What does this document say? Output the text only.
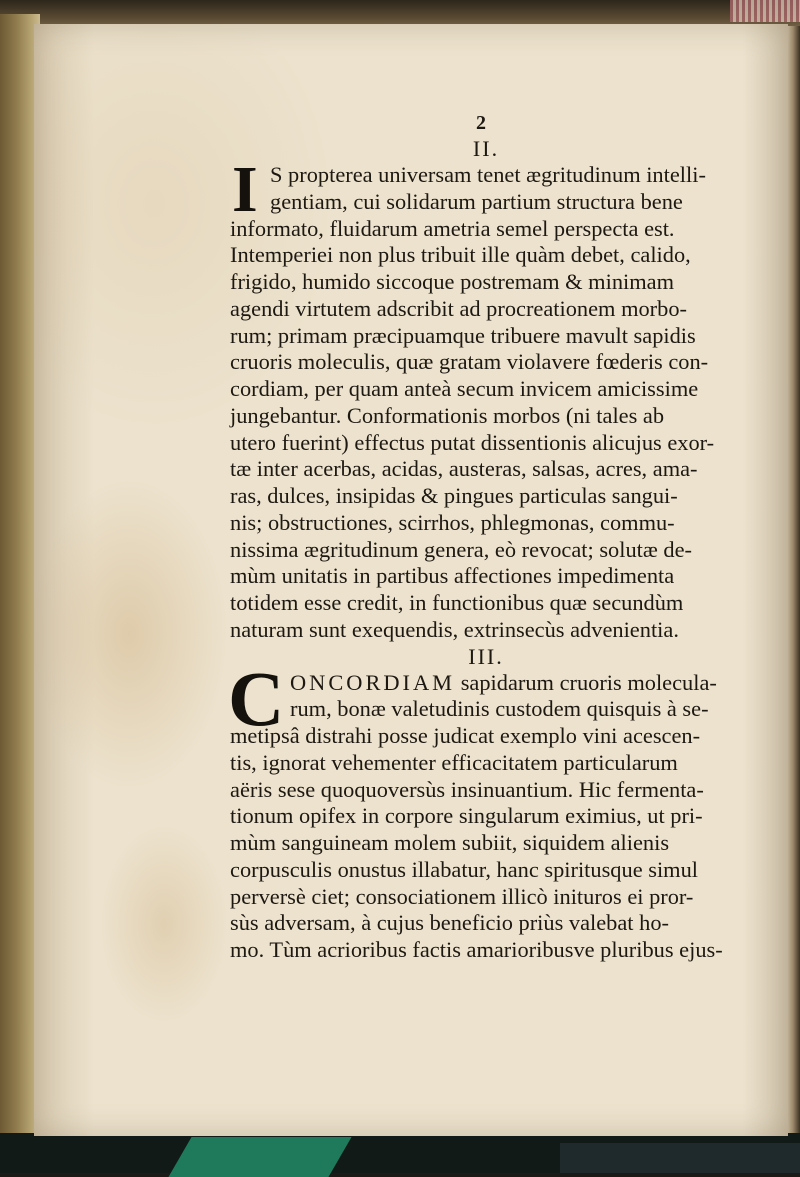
2
II.
I S propterea universam tenet ægritudinum intelli-
gentiam, cui solidarum partium structura bene
informato, fluidarum ametria semel perspecta est.
Intemperiei non plus tribuit ille quàm debet, calido,
frigido, humido siccoque postremam & minimam
agendi virtutem adscribit ad procreationem morbo-
rum; primam præcipuamque tribuere mavult sapidis
cruoris moleculis, quæ gratam violavere fœderis con-
cordiam, per quam anteà secum invicem amicissime
jungebantur. Conformationis morbos (ni tales ab
utero fuerint) effectus putat dissentionis alicujus exor-
tæ inter acerbas, acidas, austeras, salsas, acres, ama-
ras, dulces, insipidas & pingues particulas sangui-
nis; obstructiones, scirrhos, phlegmonas, commu-
nissima ægritudinum genera, eò revocat; solutæ de-
mùm unitatis in partibus affectiones impedimenta
totidem esse credit, in functionibus quæ secundùm
naturam sunt exequendis, extrinsecùs advenientia.
III.
C ONCORDIAM sapidarum cruoris molecula-
rum, bonæ valetudinis custodem quisquis à se-
metipsâ distrahi posse judicat exemplo vini acescen-
tis, ignorat vehementer efficacitatem particularum
aëris sese quoquoversùs insinuantium. Hic fermenta-
tionum opifex in corpore singularum eximius, ut pri-
mùm sanguineam molem subiit, siquidem alienis
corpusculis onustus illabatur, hanc spiritusque simul
perversè ciet; consociationem illicò inituros ei pror-
sùs adversam, à cujus beneficio priùs valebat ho-
mo. Tùm acrioribus factis amarioribusve pluribus ejus-
